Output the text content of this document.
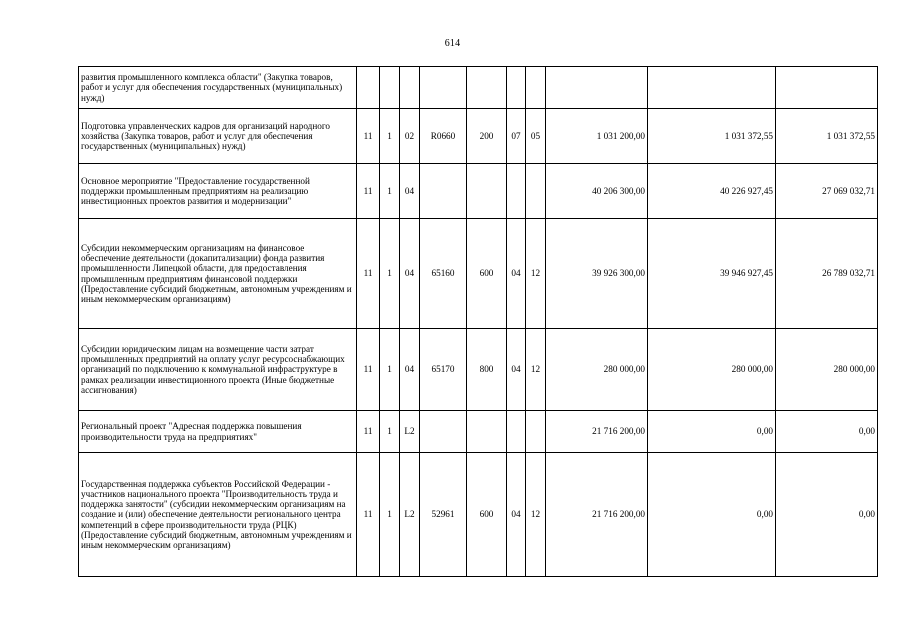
614
развития промышленного комплекса области" (Закупка товаров, работ и услуг для обеспечения государственных (муниципальных) нужд)										
Подготовка управленческих кадров для организаций народного хозяйства (Закупка товаров, работ и услуг для обеспечения государственных (муниципальных) нужд)	11	1	02	R0660	200	07	05	1 031 200,00	1 031 372,55	1 031 372,55
Основное мероприятие "Предоставление государственной поддержки промышленным предприятиям на реализацию инвестиционных проектов развития и модернизации"	11	1	04					40 206 300,00	40 226 927,45	27 069 032,71
Субсидии некоммерческим организациям на финансовое обеспечение деятельности (докапитализации) фонда развития промышленности Липецкой области, для предоставления промышленным предприятиям финансовой поддержки (Предоставление субсидий бюджетным, автономным учреждениям и иным некоммерческим организациям)	11	1	04	65160	600	04	12	39 926 300,00	39 946 927,45	26 789 032,71
Субсидии юридическим лицам на возмещение части затрат промышленных предприятий на оплату услуг ресурсоснабжающих организаций по подключению к коммунальной инфраструктуре в рамках реализации инвестиционного проекта (Иные бюджетные ассигнования)	11	1	04	65170	800	04	12	280 000,00	280 000,00	280 000,00
Региональный проект "Адресная поддержка повышения производительности труда на предприятиях"	11	1	L2					21 716 200,00	0,00	0,00
Государственная поддержка субъектов Российской Федерации - участников национального проекта "Производительность труда и поддержка занятости" (субсидии некоммерческим организациям на создание и (или) обеспечение деятельности регионального центра компетенций в сфере производительности труда (РЦК) (Предоставление субсидий бюджетным, автономным учреждениям и иным некоммерческим организациям)	11	1	L2	52961	600	04	12	21 716 200,00	0,00	0,00
